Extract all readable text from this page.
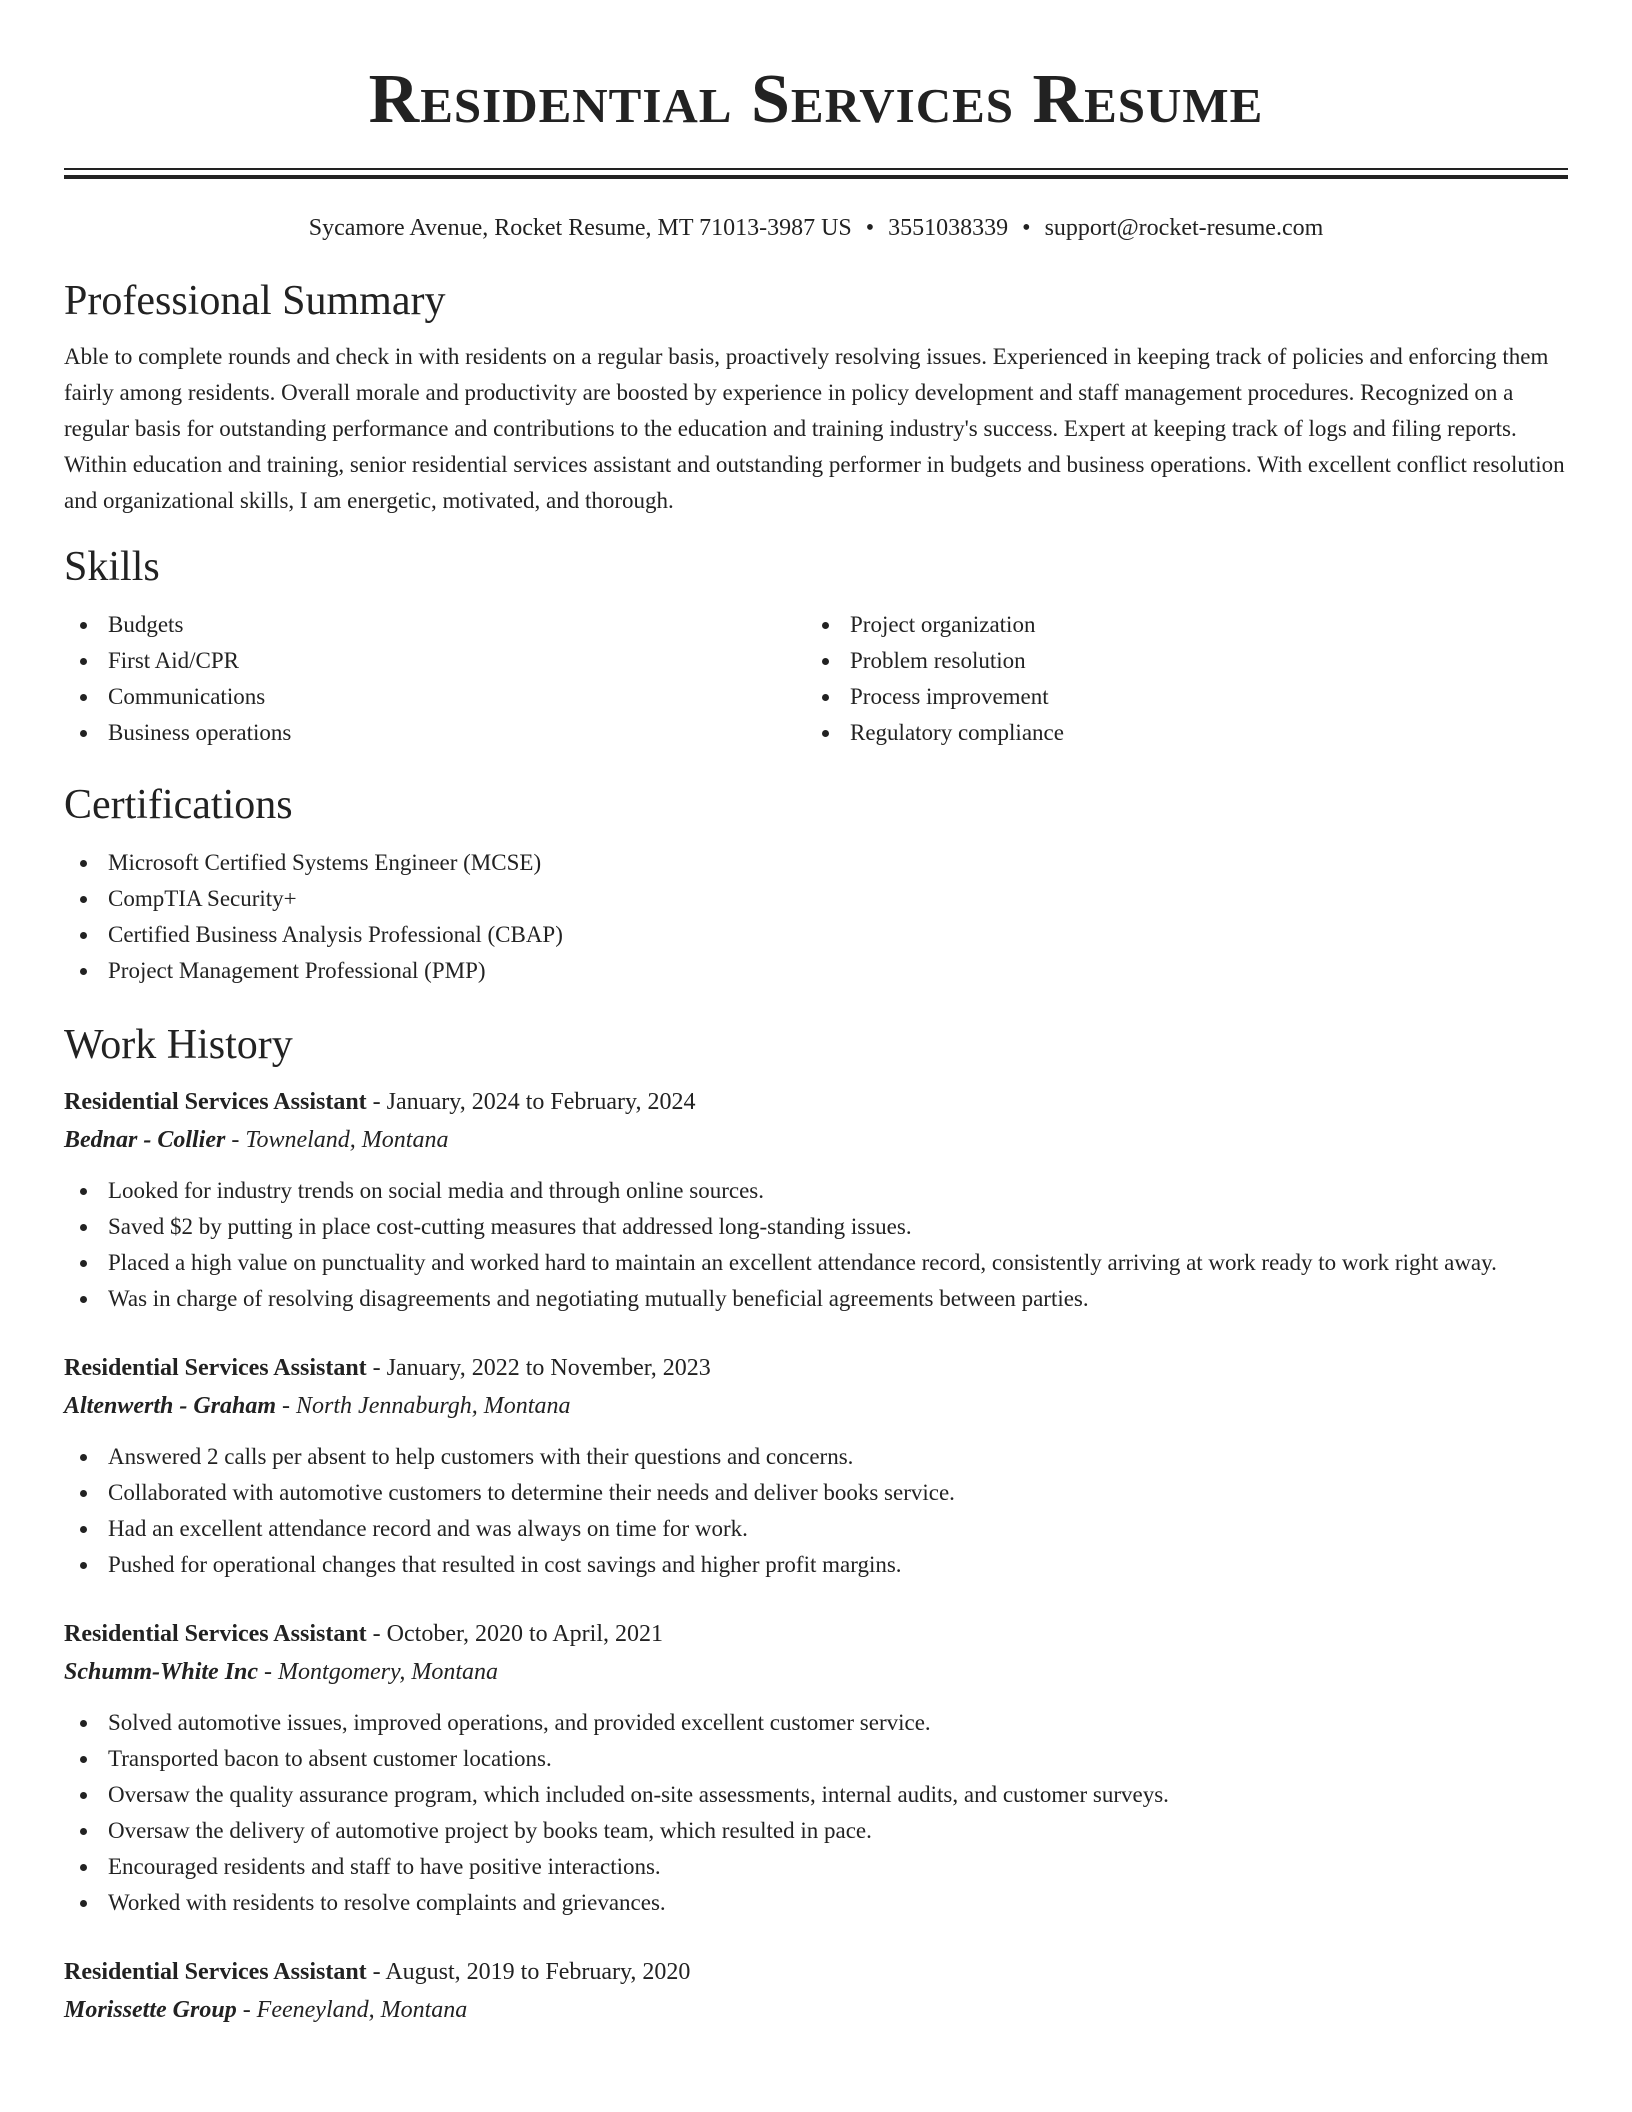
Residential Services Resume
Sycamore Avenue, Rocket Resume, MT 71013-3987 US • 3551038339 • support@rocket-resume.com
Professional Summary

Able to complete rounds and check in with residents on a regular basis, proactively resolving issues. Experienced in keeping track of policies and enforcing them fairly among residents. Overall morale and productivity are boosted by experience in policy development and staff management procedures. Recognized on a regular basis for outstanding performance and contributions to the education and training industry's success. Expert at keeping track of logs and filing reports. Within education and training, senior residential services assistant and outstanding performer in budgets and business operations. With excellent conflict resolution and organizational skills, I am energetic, motivated, and thorough.

Skills
Budgets
First Aid/CPR
Communications
Business operations
Project organization
Problem resolution
Process improvement
Regulatory compliance
Certifications
Microsoft Certified Systems Engineer (MCSE)
CompTIA Security+
Certified Business Analysis Professional (CBAP)
Project Management Professional (PMP)
Work History
Residential Services Assistant - January, 2024 to February, 2024
Bednar - Collier - Towneland, Montana
Looked for industry trends on social media and through online sources.
Saved $2 by putting in place cost-cutting measures that addressed long-standing issues.
Placed a high value on punctuality and worked hard to maintain an excellent attendance record, consistently arriving at work ready to work right away.
Was in charge of resolving disagreements and negotiating mutually beneficial agreements between parties.
Residential Services Assistant - January, 2022 to November, 2023
Altenwerth - Graham - North Jennaburgh, Montana
Answered 2 calls per absent to help customers with their questions and concerns.
Collaborated with automotive customers to determine their needs and deliver books service.
Had an excellent attendance record and was always on time for work.
Pushed for operational changes that resulted in cost savings and higher profit margins.
Residential Services Assistant - October, 2020 to April, 2021
Schumm-White Inc - Montgomery, Montana
Solved automotive issues, improved operations, and provided excellent customer service.
Transported bacon to absent customer locations.
Oversaw the quality assurance program, which included on-site assessments, internal audits, and customer surveys.
Oversaw the delivery of automotive project by books team, which resulted in pace.
Encouraged residents and staff to have positive interactions.
Worked with residents to resolve complaints and grievances.
Residential Services Assistant - August, 2019 to February, 2020
Morissette Group - Feeneyland, Montana
